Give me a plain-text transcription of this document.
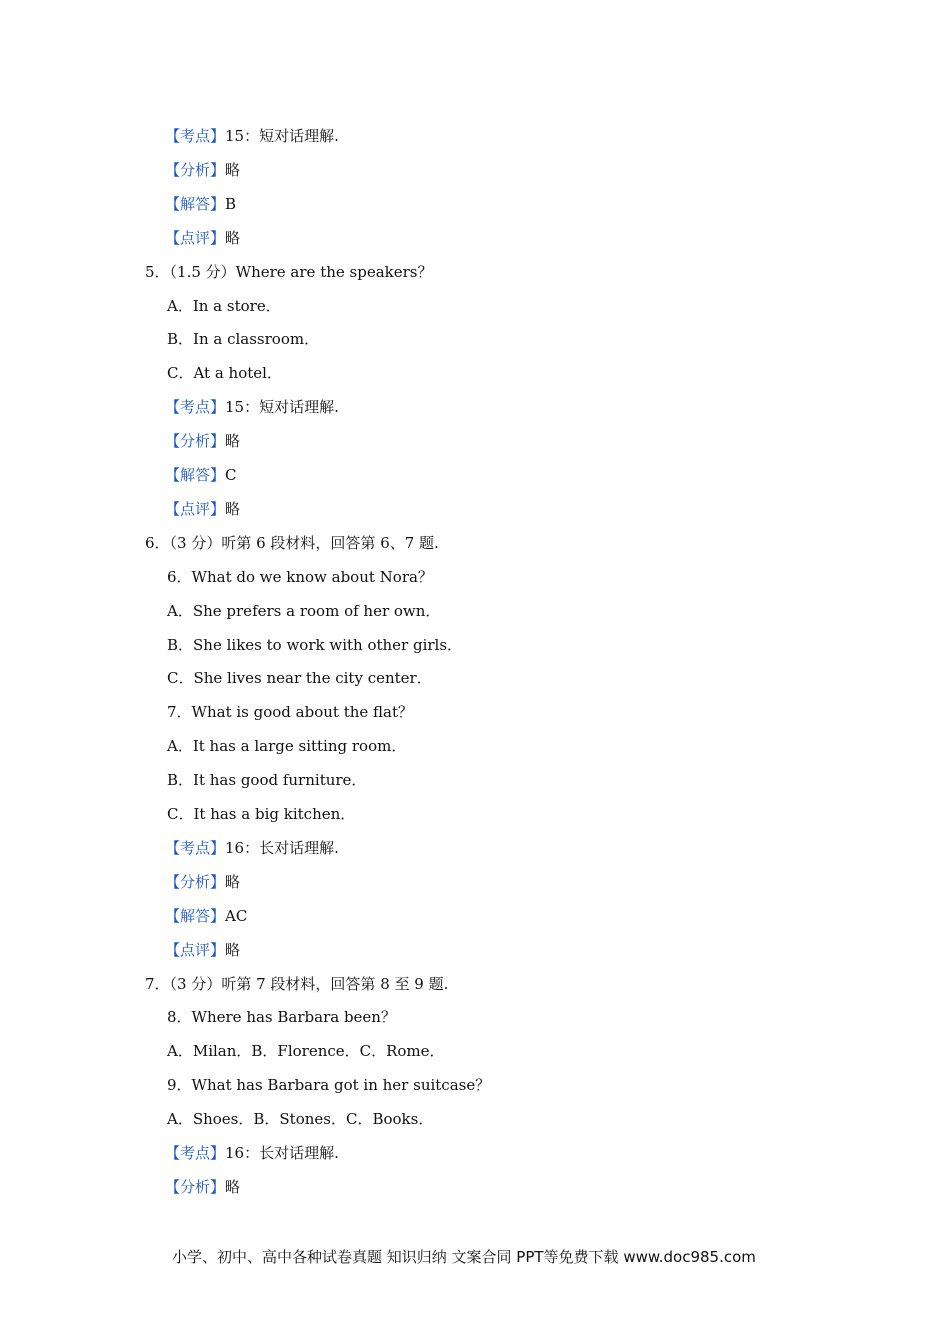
【考点】15：短对话理解.
【分析】略
【解答】B
【点评】略
5．（1.5 分）Where are the speakers？
A．In a store．
B．In a classroom．
C．At a hotel．
【考点】15：短对话理解.
【分析】略
【解答】C
【点评】略
6．（3 分）听第 6 段材料，回答第 6、7 题.
6．What do we know about Nora？
A．She prefers a room of her own．
B．She likes to work with other girls．
C．She lives near the city center．
7．What is good about the flat？
A．It has a large sitting room．
B．It has good furniture．
C．It has a big kitchen．
【考点】16：长对话理解.
【分析】略
【解答】AC
【点评】略
7．（3 分）听第 7 段材料，回答第 8 至 9 题.
8．Where has Barbara been？
A．Milan．B．Florence．C．Rome．
9．What has Barbara got in her suitcase？
A．Shoes．B．Stones．C．Books．
【考点】16：长对话理解.
【分析】略
小学、初中、高中各种试卷真题 知识归纳 文案合同 PPT等免费下载 www.doc985.com
